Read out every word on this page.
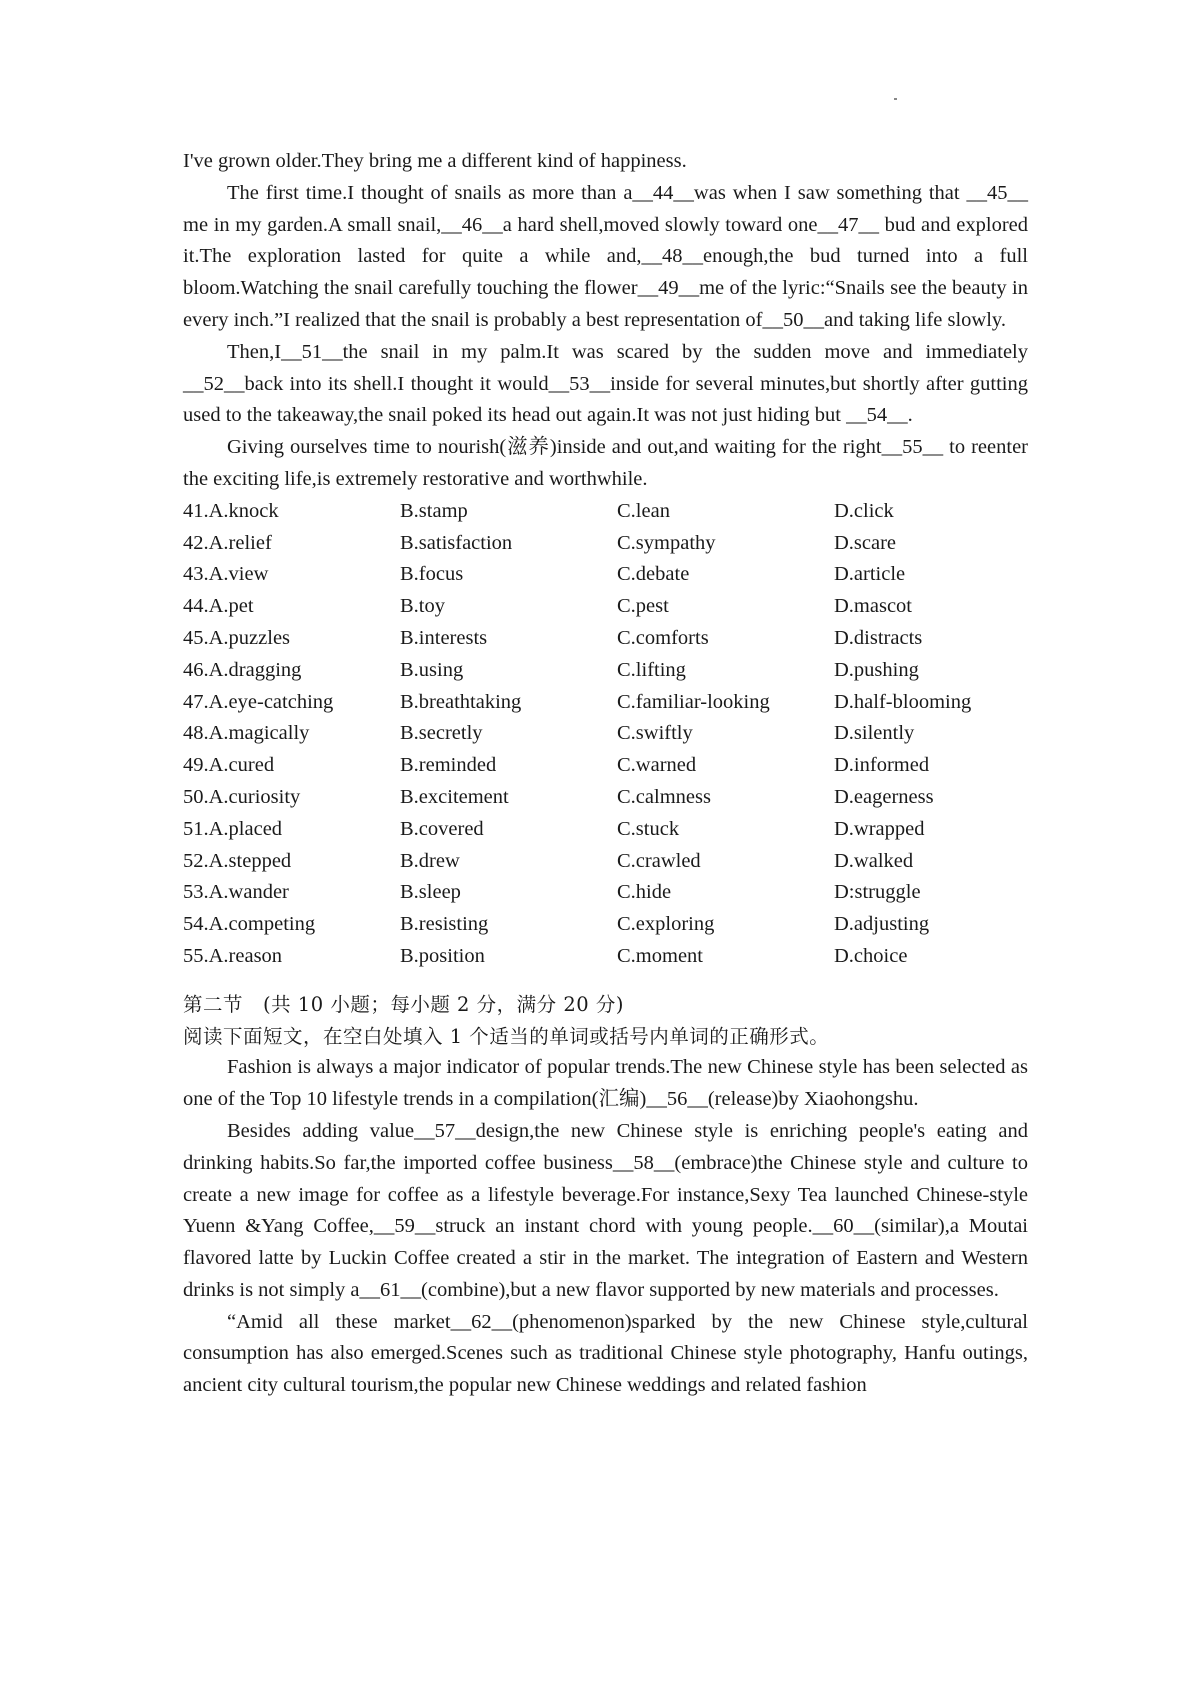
I've grown older.They bring me a different kind of happiness.

The first time.I thought of snails as more than a__44__was when I saw something that __45__ me in my garden.A small snail,__46__a hard shell,moved slowly toward one__47__ bud and explored it.The exploration lasted for quite a while and,__48__enough,the bud turned into a full bloom.Watching the snail carefully touching the flower__49__me of the lyric:“Snails see the beauty in every inch.”I realized that the snail is probably a best representation of__50__and taking life slowly.

Then,I__51__the snail in my palm.It was scared by the sudden move and immediately __52__back into its shell.I thought it would__53__inside for several minutes,but shortly after gutting used to the takeaway,the snail poked its head out again.It was not just hiding but __54__.

Giving ourselves time to nourish(滋养)inside and out,and waiting for the right__55__ to reenter the exciting life,is extremely restorative and worthwhile.

41.A.knock	B.stamp	C.lean	D.click
42.A.relief	B.satisfaction	C.sympathy	D.scare
43.A.view	B.focus	C.debate	D.article
44.A.pet	B.toy	C.pest	D.mascot
45.A.puzzles	B.interests	C.comforts	D.distracts
46.A.dragging	B.using	C.lifting	D.pushing
47.A.eye-catching	B.breathtaking	C.familiar-looking	D.half-blooming
48.A.magically	B.secretly	C.swiftly	D.silently
49.A.cured	B.reminded	C.warned	D.informed
50.A.curiosity	B.excitement	C.calmness	D.eagerness
51.A.placed	B.covered	C.stuck	D.wrapped
52.A.stepped	B.drew	C.crawled	D.walked
53.A.wander	B.sleep	C.hide	D:struggle
54.A.competing	B.resisting	C.exploring	D.adjusting
55.A.reason	B.position	C.moment	D.choice

第二节　(共 10 小题；每小题 2 分，满分 20 分)

阅读下面短文，在空白处填入 1 个适当的单词或括号内单词的正确形式。

Fashion is always a major indicator of popular trends.The new Chinese style has been selected as one of the Top 10 lifestyle trends in a compilation(汇编)__56__(release)by Xiaohongshu.

Besides adding value__57__design,the new Chinese style is enriching people's eating and drinking habits.So far,the imported coffee business__58__(embrace)the Chinese style and culture to create a new image for coffee as a lifestyle beverage.For instance,Sexy Tea launched Chinese-style Yuenn &Yang Coffee,__59__struck an instant chord with young people.__60__(similar),a Moutai flavored latte by Luckin Coffee created a stir in the market. The integration of Eastern and Western drinks is not simply a__61__(combine),but a new flavor supported by new materials and processes.

“Amid all these market__62__(phenomenon)sparked by the new Chinese style,cultural consumption has also emerged.Scenes such as traditional Chinese style photography, Hanfu outings, ancient city cultural tourism,the popular new Chinese weddings and related fashion
